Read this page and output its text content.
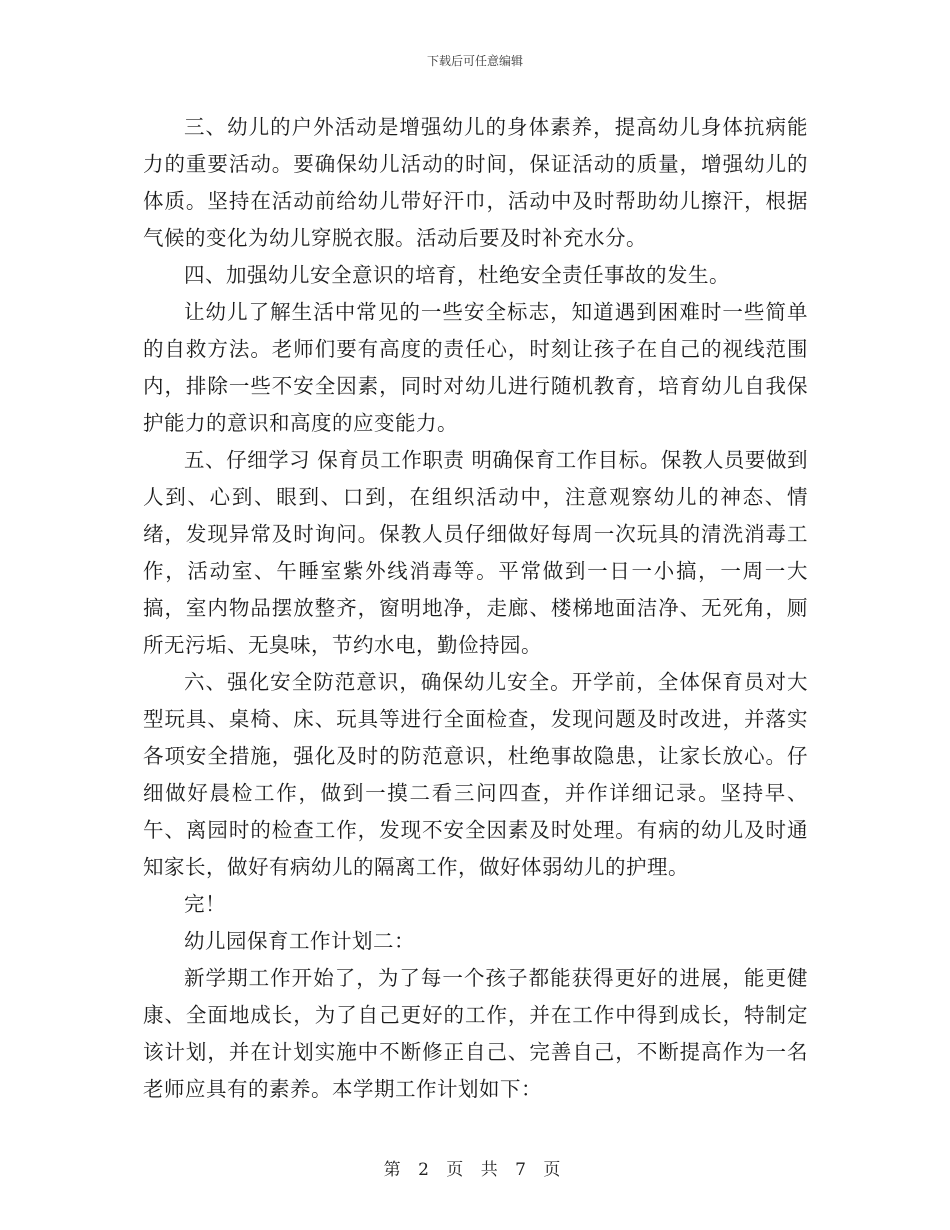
下载后可任意编辑

三、幼儿的户外活动是增强幼儿的身体素养，提高幼儿身体抗病能力的重要活动。要确保幼儿活动的时间，保证活动的质量，增强幼儿的体质。坚持在活动前给幼儿带好汗巾，活动中及时帮助幼儿擦汗，根据气候的变化为幼儿穿脱衣服。活动后要及时补充水分。

四、加强幼儿安全意识的培育，杜绝安全责任事故的发生。

让幼儿了解生活中常见的一些安全标志，知道遇到困难时一些简单的自救方法。老师们要有高度的责任心，时刻让孩子在自己的视线范围内，排除一些不安全因素，同时对幼儿进行随机教育，培育幼儿自我保护能力的意识和高度的应变能力。

五、仔细学习 保育员工作职责 明确保育工作目标。保教人员要做到人到、心到、眼到、口到，在组织活动中，注意观察幼儿的神态、情绪，发现异常及时询问。保教人员仔细做好每周一次玩具的清洗消毒工作，活动室、午睡室紫外线消毒等。平常做到一日一小搞，一周一大搞，室内物品摆放整齐，窗明地净，走廊、楼梯地面洁净、无死角，厕所无污垢、无臭味，节约水电，勤俭持园。

六、强化安全防范意识，确保幼儿安全。开学前，全体保育员对大型玩具、桌椅、床、玩具等进行全面检查，发现问题及时改进，并落实各项安全措施，强化及时的防范意识，杜绝事故隐患，让家长放心。仔细做好晨检工作，做到一摸二看三问四查，并作详细记录。坚持早、午、离园时的检查工作，发现不安全因素及时处理。有病的幼儿及时通知家长，做好有病幼儿的隔离工作，做好体弱幼儿的护理。

完！

幼儿园保育工作计划二：

新学期工作开始了，为了每一个孩子都能获得更好的进展，能更健康、全面地成长，为了自己更好的工作，并在工作中得到成长，特制定该计划，并在计划实施中不断修正自己、完善自己，不断提高作为一名老师应具有的素养。本学期工作计划如下：

第 2 页 共 7 页
